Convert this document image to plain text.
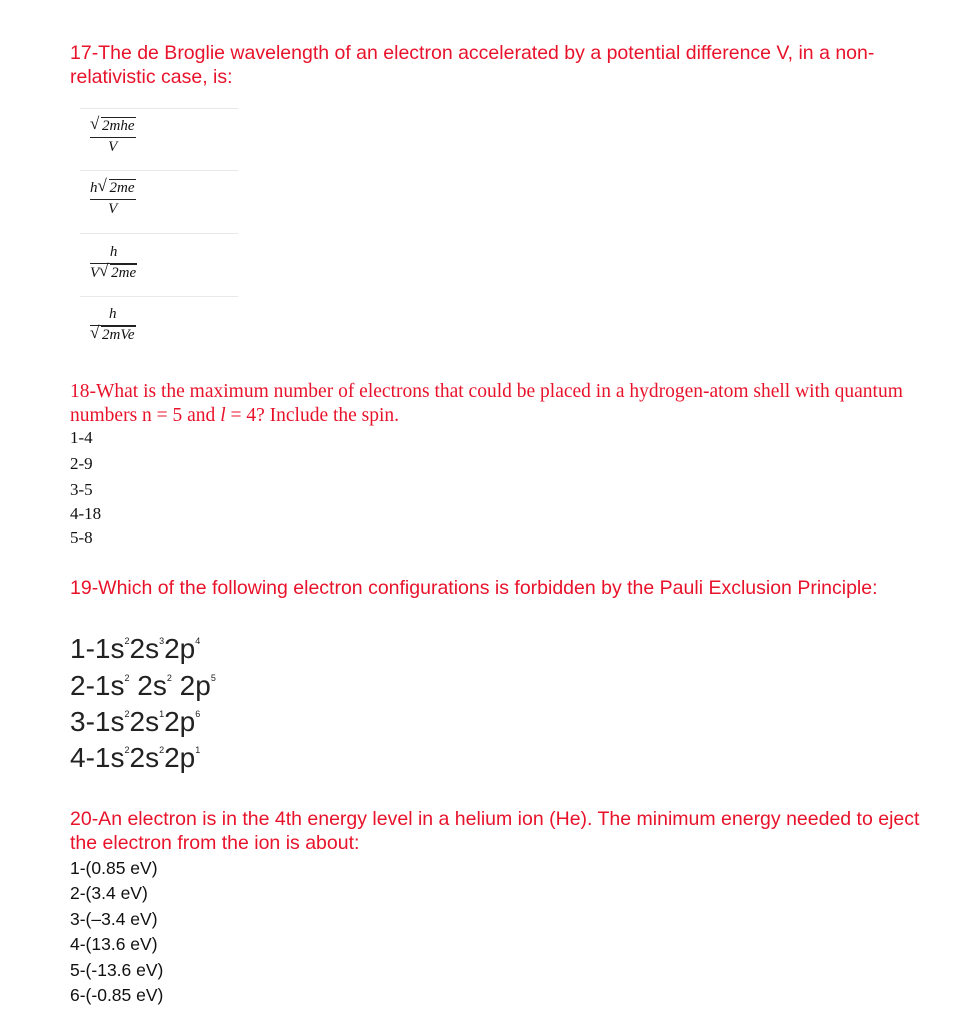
17-The de Broglie wavelength of an electron accelerated by a potential difference V, in a non-relativistic case, is:
√ 2mhe
V
h √ 2me
V
h
V √ 2me
h
√ 2mVe
18-What is the maximum number of electrons that could be placed in a hydrogen-atom shell with quantum numbers n = 5 and l = 4? Include the spin.
1-4
2-9
3-5
4-18
5-8
19-Which of the following electron configurations is forbidden by the Pauli Exclusion Principle:
$1-1s^22s^32p^4$
$2-1s^2$ $2s^2$ $2p^5$
$3-1s^22s^12p^6$
$4-1s^22s^22p^1$
20-An electron is in the 4th energy level in a helium ion (He). The minimum energy needed to eject the electron from the ion is about:
1-(0.85 eV)
2-(3.4 eV)
3-(–3.4 eV)
4-(13.6 eV)
5-(-13.6 eV)
6-(-0.85 eV)
